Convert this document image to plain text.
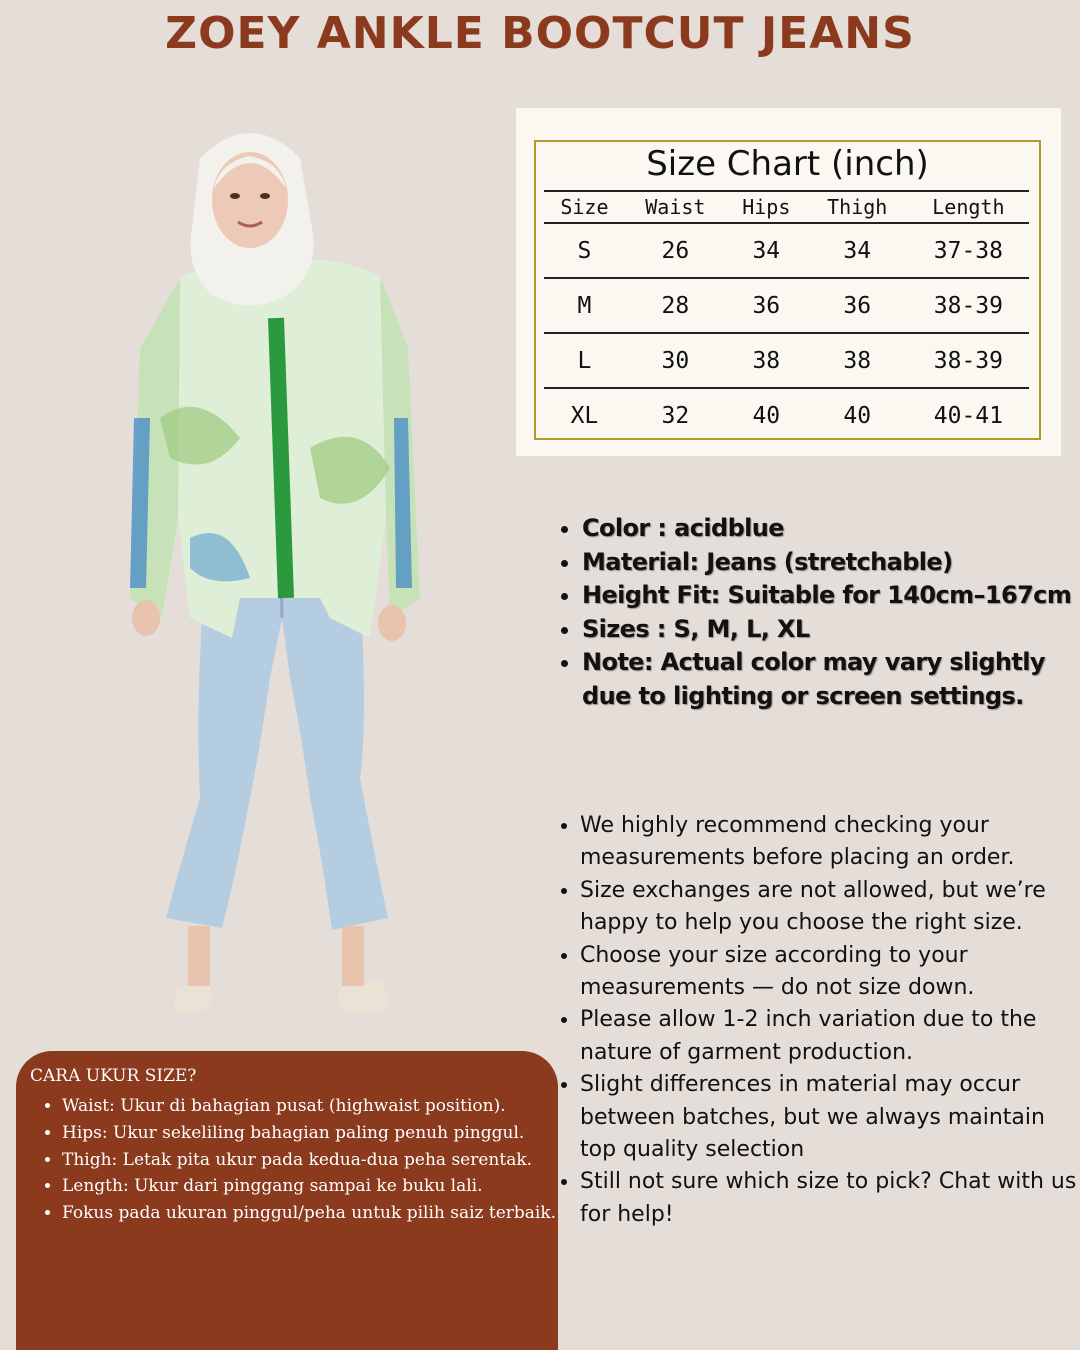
ZOEY ANKLE BOOTCUT JEANS
Size Chart (inch)
Size	Waist	Hips	Thigh	Length
S	26	34	34	37-38
M	28	36	36	38-39
L	30	38	38	38-39
XL	32	40	40	40-41
• Color : acidblue
• Material: Jeans (stretchable)
• Height Fit: Suitable for 140cm–167cm
• Sizes : S, M, L, XL
• Note: Actual color may vary slightly due to lighting or screen settings.
• We highly recommend checking your measurements before placing an order.
• Size exchanges are not allowed, but we’re happy to help you choose the right size.
• Choose your size according to your measurements — do not size down.
• Please allow 1-2 inch variation due to the nature of garment production.
• Slight differences in material may occur between batches, but we always maintain top quality selection
• Still not sure which size to pick? Chat with us for help!
CARA UKUR SIZE?
• Waist: Ukur di bahagian pusat (highwaist position).
• Hips: Ukur sekeliling bahagian paling penuh pinggul.
• Thigh: Letak pita ukur pada kedua-dua peha serentak.
• Length: Ukur dari pinggang sampai ke buku lali.
• Fokus pada ukuran pinggul/peha untuk pilih saiz terbaik.
